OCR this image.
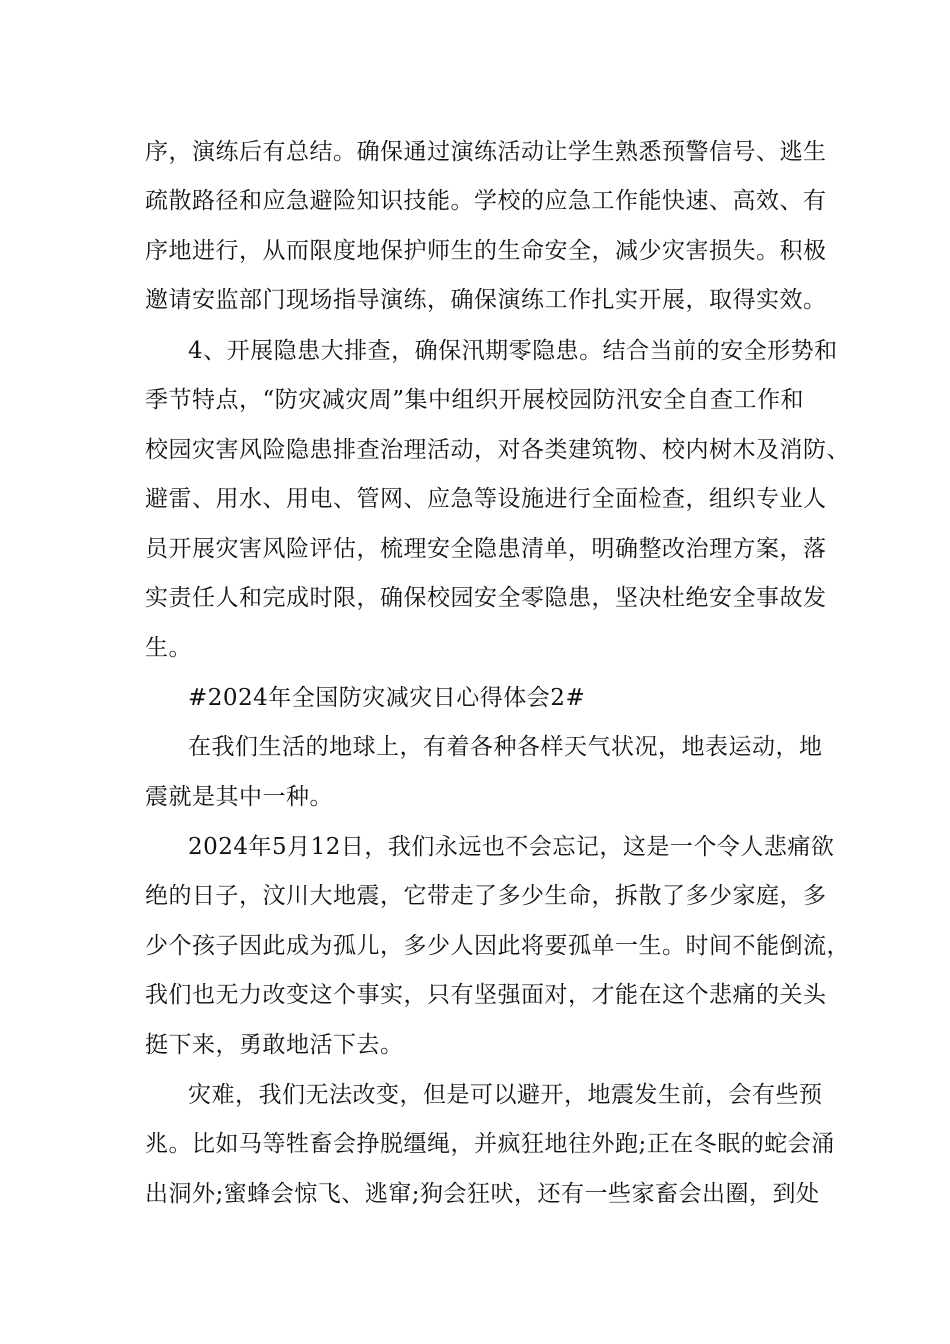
序，演练后有总结。确保通过演练活动让学生熟悉预警信号、逃生
疏散路径和应急避险知识技能。学校的应急工作能快速、高效、有
序地进行，从而限度地保护师生的生命安全，减少灾害损失。积极
邀请安监部门现场指导演练，确保演练工作扎实开展，取得实效。
4、开展隐患大排查，确保汛期零隐患。结合当前的安全形势和
季节特点，“防灾减灾周”集中组织开展校园防汛安全自查工作和
校园灾害风险隐患排查治理活动，对各类建筑物、校内树木及消防、
避雷、用水、用电、管网、应急等设施进行全面检查，组织专业人
员开展灾害风险评估，梳理安全隐患清单，明确整改治理方案，落
实责任人和完成时限，确保校园安全零隐患，坚决杜绝安全事故发
生。
#2024年全国防灾减灾日心得体会2#
在我们生活的地球上，有着各种各样天气状况，地表运动，地
震就是其中一种。
2024年5月12日，我们永远也不会忘记，这是一个令人悲痛欲
绝的日子，汶川大地震，它带走了多少生命，拆散了多少家庭，多
少个孩子因此成为孤儿，多少人因此将要孤单一生。时间不能倒流，
我们也无力改变这个事实，只有坚强面对，才能在这个悲痛的关头
挺下来，勇敢地活下去。
灾难，我们无法改变，但是可以避开，地震发生前，会有些预
兆。比如马等牲畜会挣脱缰绳，并疯狂地往外跑;正在冬眠的蛇会涌
出洞外;蜜蜂会惊飞、逃窜;狗会狂吠，还有一些家畜会出圈，到处
